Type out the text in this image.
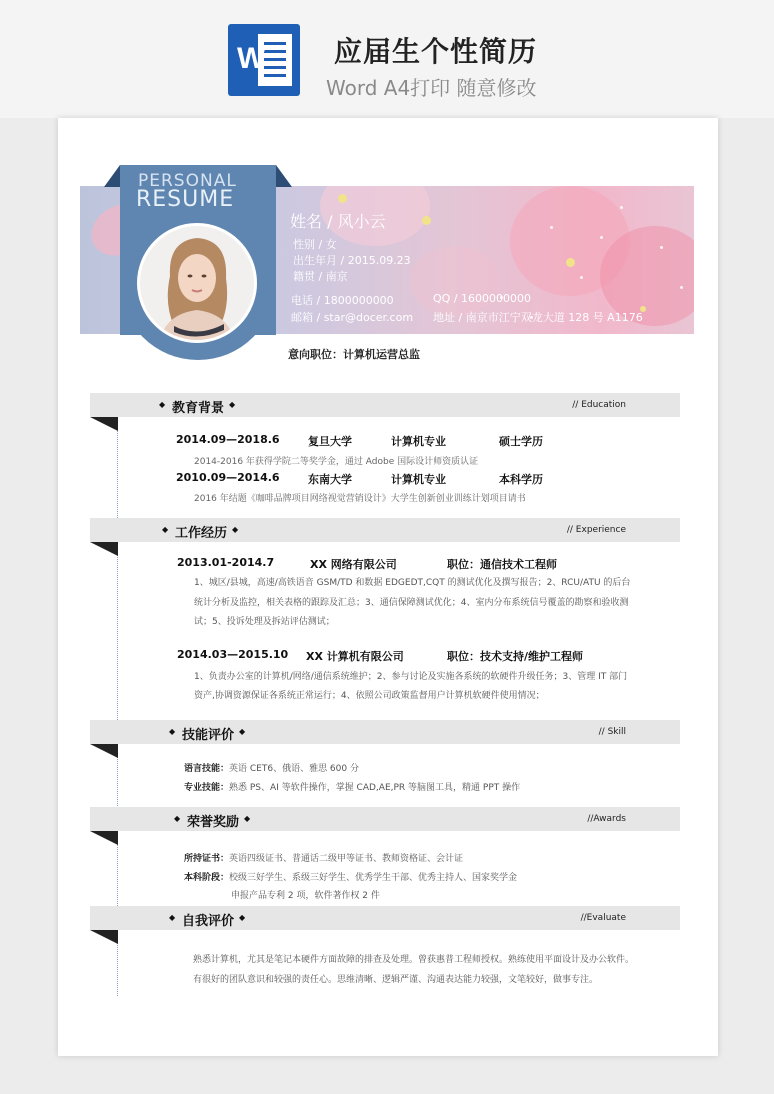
W 应届生个性简历
Word A4打印 随意修改
PERSONAL
RESUME
姓名 / 风小云
性别 / 女
出生年月 / 2015.09.23
籍贯 / 南京
电话 / 1800000000	QQ / 1600000000
邮箱 / star@docer.com 地址 / 南京市江宁双龙大道 128 号 A1176
意向职位：计算机运营总监
◆ 教育背景 ◆	// Education
2014.09—2018.6	复旦大学	计算机专业	硕士学历
2014-2016 年获得学院二等奖学金，通过 Adobe 国际设计师资质认证
2010.09—2014.6	东南大学	计算机专业	本科学历
2016 年结题《咖啡品牌项目网络视觉营销设计》大学生创新创业训练计划项目请书
◆ 工作经历 ◆	// Experience
2013.01-2014.7	XX 网络有限公司	职位：通信技术工程师
1、城区/县城，高速/高铁语音 GSM/TD 和数据 EDGEDT,CQT 的测试优化及撰写报告；2、RCU/ATU 的后台
统计分析及监控，相关表格的跟踪及汇总；3、通信保障测试优化；4、室内分布系统信号覆盖的勘察和验收测
试；5、投诉处理及拆站评估测试；
2014.03—2015.10 XX 计算机有限公司	职位：技术支持/维护工程师
1、负责办公室的计算机/网络/通信系统维护；2、参与讨论及实施各系统的软硬件升级任务；3、管理 IT 部门
资产,协调资源保证各系统正常运行；4、依照公司政策监督用户计算机软硬件使用情况；
◆ 技能评价 ◆	// Skill
语言技能：英语 CET6、俄语、雅思 600 分
专业技能：熟悉 PS、AI 等软件操作，掌握 CAD,AE,PR 等脑图工具，精通 PPT 操作
◆ 荣誉奖励 ◆	//Awards
所持证书：英语四级证书、普通话二级甲等证书、教师资格证、会计证
本科阶段：校级三好学生、系级三好学生、优秀学生干部、优秀主持人、国家奖学金
申报产品专利 2 项，软件著作权 2 件
◆ 自我评价 ◆	//Evaluate
熟悉计算机，尤其是笔记本硬件方面故障的排查及处理。曾获惠普工程师授权。熟练使用平面设计及办公软件。
有很好的团队意识和较强的责任心。思维清晰、逻辑严谨、沟通表达能力较强，文笔较好，做事专注。
